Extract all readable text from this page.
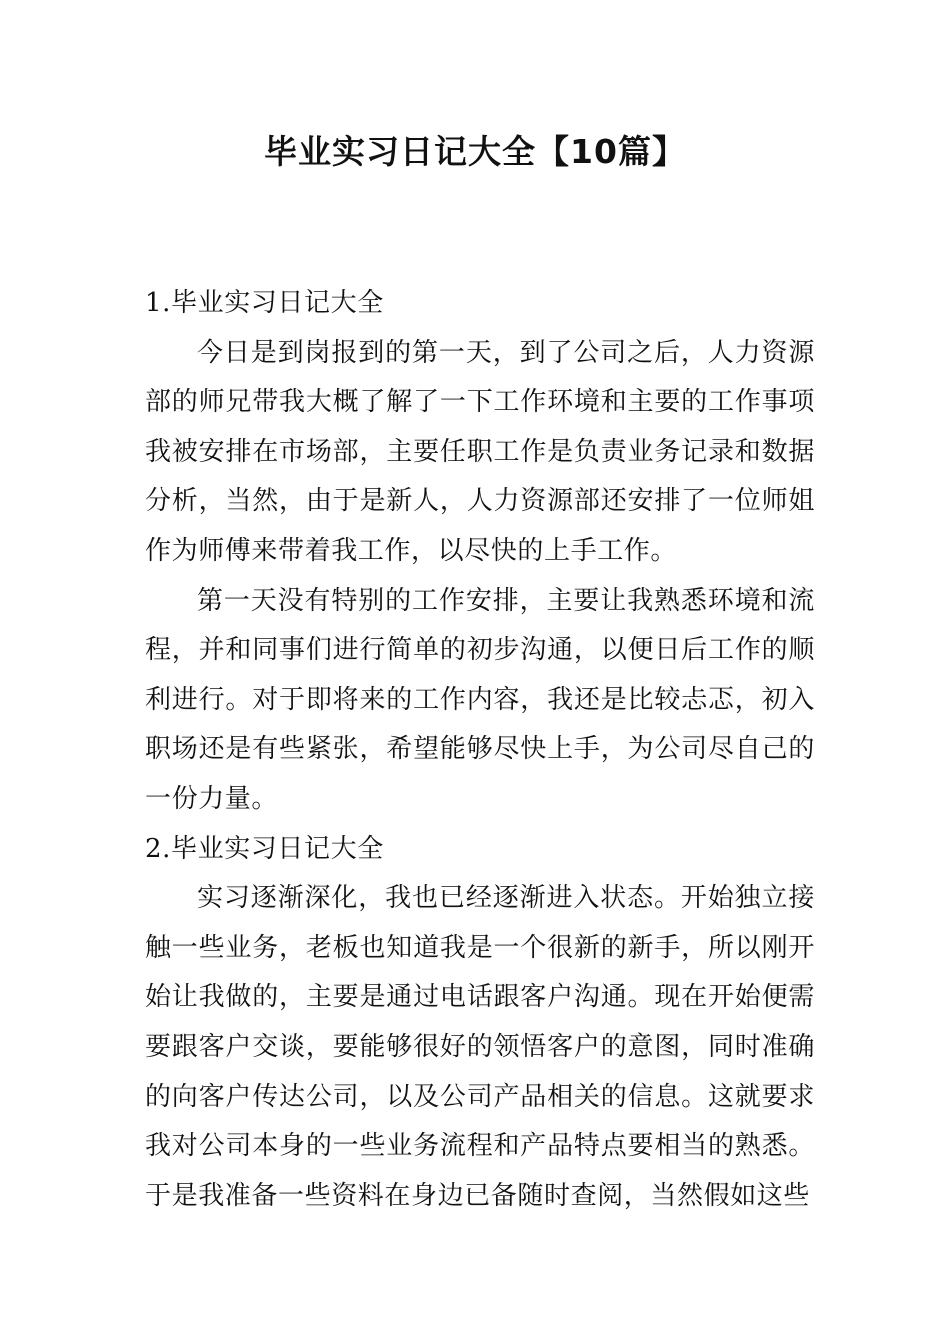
毕业实习日记大全【10篇】
1.毕业实习日记大全

今日是到岗报到的第一天，到了公司之后，人力资源部的师兄带我大概了解了一下工作环境和主要的工作事项我被安排在市场部，主要任职工作是负责业务记录和数据分析，当然，由于是新人，人力资源部还安排了一位师姐作为师傅来带着我工作，以尽快的上手工作。

第一天没有特别的工作安排，主要让我熟悉环境和流程，并和同事们进行简单的初步沟通，以便日后工作的顺利进行。对于即将来的工作内容，我还是比较忐忑，初入职场还是有些紧张，希望能够尽快上手，为公司尽自己的一份力量。

2.毕业实习日记大全

实习逐渐深化，我也已经逐渐进入状态。开始独立接触一些业务，老板也知道我是一个很新的新手，所以刚开始让我做的，主要是通过电话跟客户沟通。现在开始便需要跟客户交谈，要能够很好的领悟客户的意图，同时准确的向客户传达公司，以及公司产品相关的信息。这就要求我对公司本身的一些业务流程和产品特点要相当的熟悉。于是我准备一些资料在身边已备随时查阅，当然假如这些
